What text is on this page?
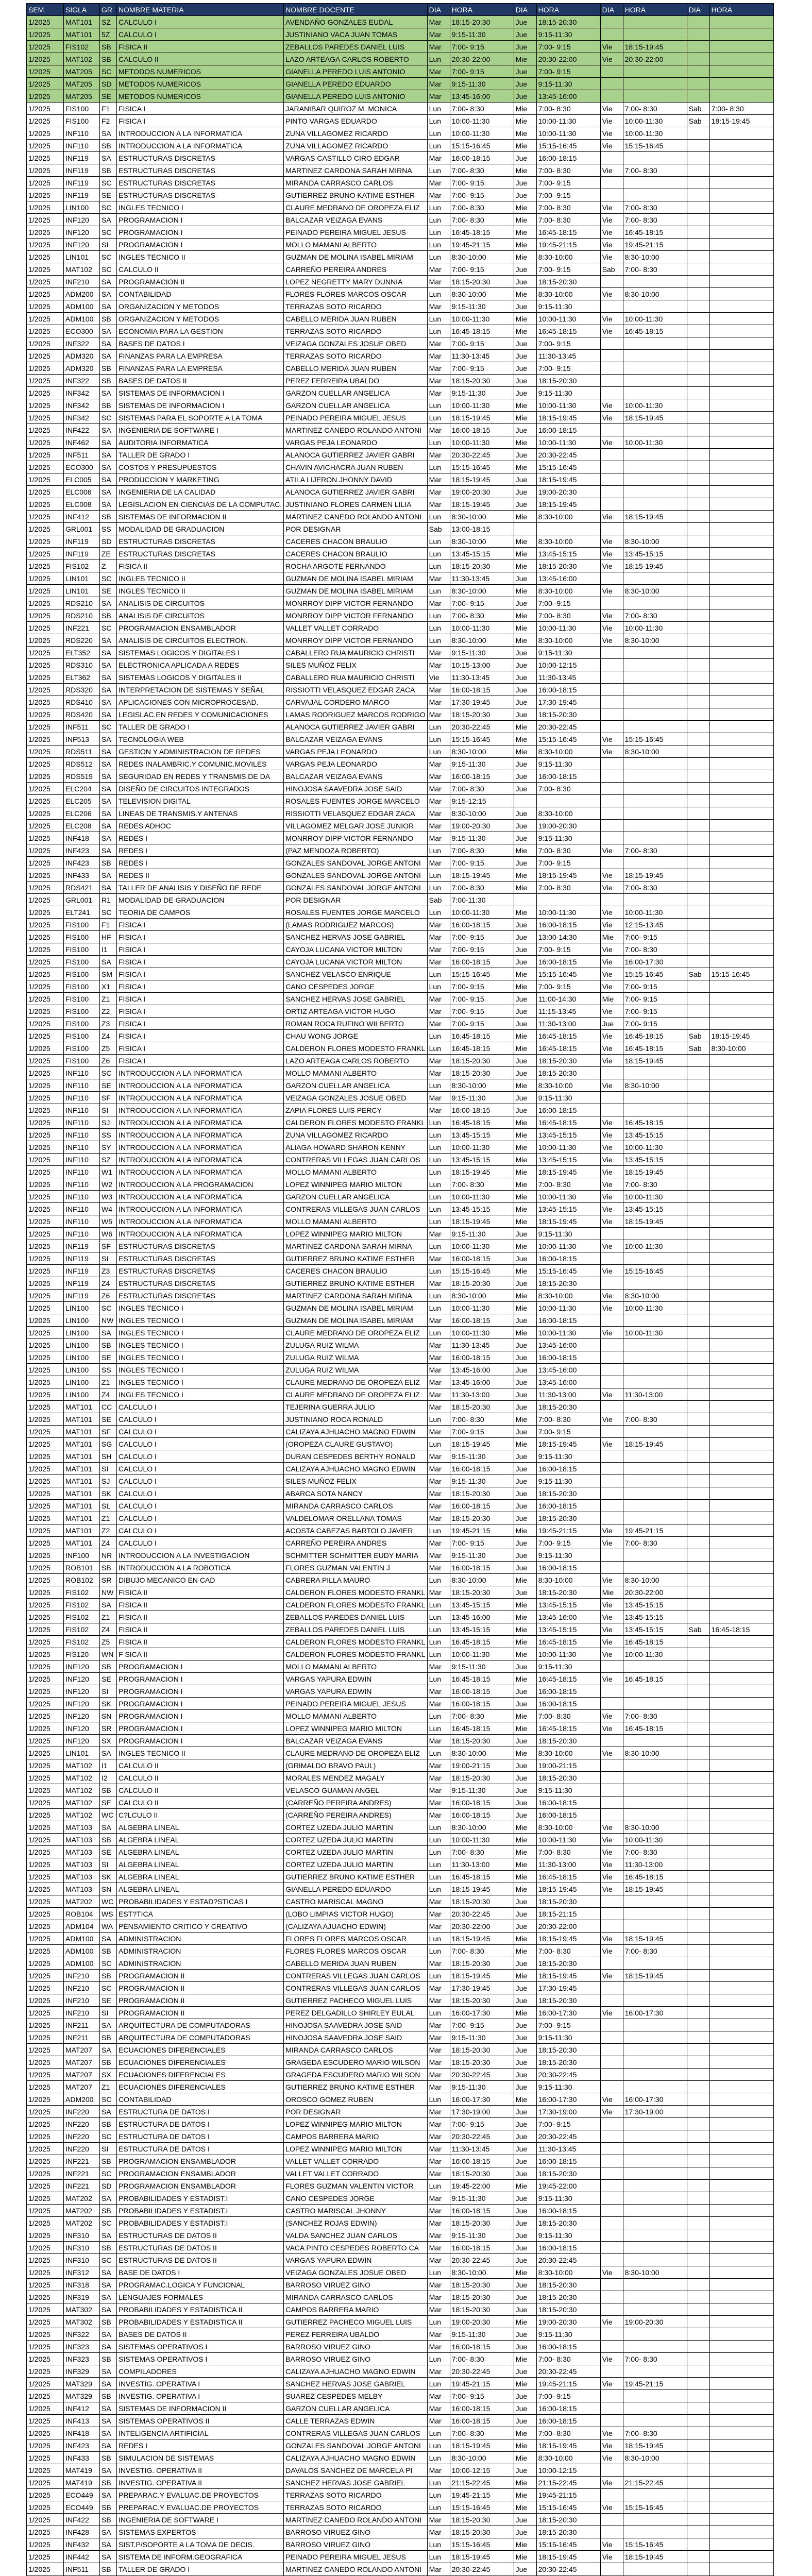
SEM.	SIGLA	GR	NOMBRE MATERIA	NOMBRE DOCENTE	DIA	HORA	DIA	HORA	DIA	HORA	DIA	HORA
1/2025	MAT101	SZ	CALCULO I	AVENDAÑO GONZALES EUDAL	Mar	18:15-20:30	Jue	18:15-20:30				
1/2025	MAT101	5Z	CALCULO I	JUSTINIANO VACA JUAN TOMAS	Mar	9:15-11:30	Jue	9:15-11:30				
1/2025	FIS102	SB	FISICA II	ZEBALLOS PAREDES DANIEL LUIS	Mar	7:00- 9:15	Jue	7:00- 9:15	Vie	18:15-19:45		
1/2025	MAT102	SB	CALCULO II	LAZO ARTEAGA CARLOS ROBERTO	Lun	20:30-22:00	Mie	20:30-22:00	Vie	20:30-22:00		
1/2025	MAT205	SC	METODOS NUMERICOS	GIANELLA PEREDO LUIS ANTONIO	Mar	7:00- 9:15	Jue	7:00- 9:15				
1/2025	MAT205	SD	METODOS NUMERICOS	GIANELLA PEREDO EDUARDO	Mar	9:15-11:30	Jue	9:15-11:30				
1/2025	MAT205	SE	METODOS NUMERICOS	GIANELLA PEREDO LUIS ANTONIO	Mar	13:45-16:00	Jue	13:45-16:00				
1/2025	FIS100	F1	FISICA I	JARANIBAR QUIROZ M. MONICA	Lun	7:00- 8:30	Mie	7:00- 8:30	Vie	7:00- 8:30	Sab	7:00- 8:30
1/2025	FIS100	F2	FISICA I	PINTO VARGAS EDUARDO	Lun	10:00-11:30	Mie	10:00-11:30	Vie	10:00-11:30	Sab	18:15-19:45
1/2025	INF110	SA	INTRODUCCION A LA INFORMATICA	ZUNA VILLAGOMEZ RICARDO	Lun	10:00-11:30	Mie	10:00-11:30	Vie	10:00-11:30		
1/2025	INF110	SB	INTRODUCCION A LA INFORMATICA	ZUNA VILLAGOMEZ RICARDO	Lun	15:15-16:45	Mie	15:15-16:45	Vie	15:15-16:45		
1/2025	INF119	SA	ESTRUCTURAS DISCRETAS	VARGAS CASTILLO CIRO EDGAR	Mar	16:00-18:15	Jue	16:00-18:15				
1/2025	INF119	SB	ESTRUCTURAS DISCRETAS	MARTINEZ CARDONA SARAH MIRNA	Lun	7:00- 8:30	Mie	7:00- 8:30	Vie	7:00- 8:30		
1/2025	INF119	SC	ESTRUCTURAS DISCRETAS	MIRANDA CARRASCO CARLOS	Mar	7:00- 9:15	Jue	7:00- 9:15				
1/2025	INF119	SE	ESTRUCTURAS DISCRETAS	GUTIERREZ BRUNO KATIME ESTHER	Mar	7:00- 9:15	Jue	7:00- 9:15				
1/2025	LIN100	SC	INGLES TECNICO I	CLAURE MEDRANO DE OROPEZA ELIZ	Lun	7:00- 8:30	Mie	7:00- 8:30	Vie	7:00- 8:30		
1/2025	INF120	SA	PROGRAMACION I	BALCAZAR VEIZAGA EVANS	Lun	7:00- 8:30	Mie	7:00- 8:30	Vie	7:00- 8:30		
1/2025	INF120	SC	PROGRAMACION I	PEINADO PEREIRA MIGUEL JESUS	Lun	16:45-18:15	Mie	16:45-18:15	Vie	16:45-18:15		
1/2025	INF120	SI	PROGRAMACION I	MOLLO MAMANI ALBERTO	Lun	19:45-21:15	Mie	19:45-21:15	Vie	19:45-21:15		
1/2025	LIN101	SC	INGLES TECNICO II	GUZMAN DE MOLINA ISABEL MIRIAM	Lun	8:30-10:00	Mie	8:30-10:00	Vie	8:30-10:00		
1/2025	MAT102	SC	CALCULO II	CARREÑO PEREIRA ANDRES	Mar	7:00- 9:15	Jue	7:00- 9:15	Sab	7:00- 8:30		
1/2025	INF210	SA	PROGRAMACION II	LOPEZ NEGRETTY MARY DUNNIA	Mar	18:15-20:30	Jue	18:15-20:30				
1/2025	ADM200	SA	CONTABILIDAD	FLORES FLORES MARCOS OSCAR	Lun	8:30-10:00	Mie	8:30-10:00	Vie	8:30-10:00		
1/2025	ADM100	SA	ORGANIZACION Y METODOS	TERRAZAS SOTO RICARDO	Mar	9:15-11:30	Jue	9:15-11:30				
1/2025	ADM100	SB	ORGANIZACION Y METODOS	CABELLO MERIDA JUAN RUBEN	Lun	10:00-11:30	Mie	10:00-11:30	Vie	10:00-11:30		
1/2025	ECO300	SA	ECONOMIA PARA LA GESTION	TERRAZAS SOTO RICARDO	Lun	16:45-18:15	Mie	16:45-18:15	Vie	16:45-18:15		
1/2025	INF322	SA	BASES DE DATOS I	VEIZAGA GONZALES JOSUE OBED	Mar	7:00- 9:15	Jue	7:00- 9:15				
1/2025	ADM320	SA	FINANZAS PARA LA EMPRESA	TERRAZAS SOTO RICARDO	Mar	11:30-13:45	Jue	11:30-13:45				
1/2025	ADM320	SB	FINANZAS PARA LA EMPRESA	CABELLO MERIDA JUAN RUBEN	Mar	7:00- 9:15	Jue	7:00- 9:15				
1/2025	INF322	SB	BASES DE DATOS II	PEREZ FERREIRA UBALDO	Mar	18:15-20:30	Jue	18:15-20:30				
1/2025	INF342	SA	SISTEMAS DE INFORMACION I	GARZON CUELLAR ANGELICA	Mar	9:15-11:30	Jue	9:15-11:30				
1/2025	INF342	SB	SISTEMAS DE INFORMACION I	GARZON CUELLAR ANGELICA	Lun	10:00-11:30	Mie	10:00-11:30	Vie	10:00-11:30		
1/2025	INF342	SC	SISTEMAS PARA EL SOPORTE A LA TOMA	PEINADO PEREIRA MIGUEL JESUS	Lun	18:15-19:45	Mie	18:15-19:45	Vie	18:15-19:45		
1/2025	INF422	SA	INGENIERIA DE SOFTWARE I	MARTINEZ CANEDO ROLANDO ANTONI	Mar	16:00-18:15	Jue	16:00-18:15				
1/2025	INF462	SA	AUDITORIA INFORMATICA	VARGAS PEJA LEONARDO	Lun	10:00-11:30	Mie	10:00-11:30	Vie	10:00-11:30		
1/2025	INF511	SA	TALLER DE GRADO I	ALANOCA GUTIERREZ JAVIER GABRI	Mar	20:30-22:45	Jue	20:30-22:45				
1/2025	ECO300	SA	COSTOS Y PRESUPUESTOS	CHAVIN AVICHACRA JUAN RUBEN	Lun	15:15-16:45	Mie	15:15-16:45				
1/2025	ELC005	SA	PRODUCCION Y MARKETING	ATILA LIJERON JHONNY DAVID	Mar	18:15-19:45	Jue	18:15-19:45				
1/2025	ELC006	SA	INGENIERIA DE LA CALIDAD	ALANOCA GUTIERREZ JAVIER GABRI	Mar	19:00-20:30	Jue	19:00-20:30				
1/2025	ELC008	SA	LEGISLACION EN CIENCIAS DE LA COMPUTAC.	JUSTINIANO FLORES CARMEN LILIA	Mar	18:15-19:45	Jue	18:15-19:45				
1/2025	INF412	SB	SISTEMAS DE INFORMACION II	MARTINEZ CANEDO ROLANDO ANTONI	Lun	8:30-10:00	Mie	8:30-10:00	Vie	18:15-19:45		
1/2025	GRL001	SS	MODALIDAD DE GRADUACION	POR DESIGNAR	Sab	13:00-18:15						
1/2025	INF119	SD	ESTRUCTURAS DISCRETAS	CACERES CHACON BRAULIO	Lun	8:30-10:00	Mie	8:30-10:00	Vie	8:30-10:00		
1/2025	INF119	ZE	ESTRUCTURAS DISCRETAS	CACERES CHACON BRAULIO	Lun	13:45-15:15	Mie	13:45-15:15	Vie	13:45-15:15		
1/2025	FIS102	Z	FISICA II	ROCHA ARGOTE FERNANDO	Lun	18:15-20:30	Mie	18:15-20:30	Vie	18:15-19:45		
1/2025	LIN101	SC	INGLES TECNICO II	GUZMAN DE MOLINA ISABEL MIRIAM	Mar	11:30-13:45	Jue	13:45-16:00				
1/2025	LIN101	SE	INGLES TECNICO II	GUZMAN DE MOLINA ISABEL MIRIAM	Lun	8:30-10:00	Mie	8:30-10:00	Vie	8:30-10:00		
1/2025	RDS210	SA	ANALISIS DE CIRCUITOS	MONRROY DIPP VICTOR FERNANDO	Mar	7:00- 9:15	Jue	7:00- 9:15				
1/2025	RDS210	SB	ANALISIS DE CIRCUITOS	MONRROY DIPP VICTOR FERNANDO	Lun	7:00- 8:30	Mie	7:00- 8:30	Vie	7:00- 8:30		
1/2025	INF221	SC	PROGRAMACION ENSAMBLADOR	VALLET VALLET CORRADO	Lun	10:00-11:30	Mie	10:00-11:30	Vie	10:00-11:30		
1/2025	RDS220	SA	ANALISIS DE CIRCUITOS ELECTRON.	MONRROY DIPP VICTOR FERNANDO	Lun	8:30-10:00	Mie	8:30-10:00	Vie	8:30-10:00		
1/2025	ELT352	SA	SISTEMAS LOGICOS Y DIGITALES I	CABALLERO RUA MAURICIO CHRISTI	Mar	9:15-11:30	Jue	9:15-11:30				
1/2025	RDS310	SA	ELECTRONICA APLICADA A REDES	SILES MUÑOZ FELIX	Mar	10:15-13:00	Jue	10:00-12:15				
1/2025	ELT362	SA	SISTEMAS LOGICOS Y DIGITALES II	CABALLERO RUA MAURICIO CHRISTI	Vie	11:30-13:45	Jue	11:30-13:45				
1/2025	RDS320	SA	INTERPRETACION DE SISTEMAS Y SEÑAL	RISSIOTTI VELASQUEZ EDGAR ZACA	Mar	16:00-18:15	Jue	16:00-18:15				
1/2025	RDS410	SA	APLICACIONES CON MICROPROCESAD.	CARVAJAL CORDERO MARCO	Mar	17:30-19:45	Jue	17:30-19:45				
1/2025	RDS420	SA	LEGISLAC.EN REDES Y COMUNICACIONES	LAMAS RODRIGUEZ MARCOS RODRIGO	Mar	18:15-20:30	Jue	18:15-20:30				
1/2025	INF511	SC	TALLER DE GRADO I	ALANOCA GUTIERREZ JAVIER GABRI	Lun	20:30-22:45	Mie	20:30-22:45				
1/2025	INF513	SA	TECNOLOGIA WEB	BALCAZAR VEIZAGA EVANS	Lun	15:15-16:45	Mie	15:15-16:45	Vie	15:15-16:45		
1/2025	RDS511	SA	GESTION Y ADMINISTRACION DE REDES	VARGAS PEJA LEONARDO	Lun	8:30-10:00	Mie	8:30-10:00	Vie	8:30-10:00		
1/2025	RDS512	SA	REDES INALAMBRIC.Y COMUNIC.MOVILES	VARGAS PEJA LEONARDO	Mar	9:15-11:30	Jue	9:15-11:30				
1/2025	RDS519	SA	SEGURIDAD EN REDES Y TRANSMIS.DE DA	BALCAZAR VEIZAGA EVANS	Mar	16:00-18:15	Jue	16:00-18:15				
1/2025	ELC204	SA	DISEÑO DE CIRCUITOS INTEGRADOS	HINOJOSA SAAVEDRA JOSE SAID	Mar	7:00- 8:30	Jue	7:00- 8:30				
1/2025	ELC205	SA	TELEVISION DIGITAL	ROSALES FUENTES JORGE MARCELO	Mar	9:15-12:15						
1/2025	ELC206	SA	LINEAS DE TRANSMIS.Y ANTENAS	RISSIOTTI VELASQUEZ EDGAR ZACA	Mar	8:30-10:00	Jue	8:30-10:00				
1/2025	ELC208	SA	REDES ADHOC	VILLAGOMEZ MELGAR JOSE JUNIOR	Mar	19:00-20:30	Jue	19:00-20:30				
1/2025	INF418	SA	REDES I	MONRROY DIPP VICTOR FERNANDO	Mar	9:15-11:30	Jue	9:15-11:30				
1/2025	INF423	SA	REDES I	(PAZ MENDOZA ROBERTO)	Lun	7:00- 8:30	Mie	7:00- 8:30	Vie	7:00- 8:30		
1/2025	INF423	SB	REDES I	GONZALES SANDOVAL JORGE ANTONI	Mar	7:00- 9:15	Jue	7:00- 9:15				
1/2025	INF433	SA	REDES II	GONZALES SANDOVAL JORGE ANTONI	Lun	18:15-19:45	Mie	18:15-19:45	Vie	18:15-19:45		
1/2025	RDS421	SA	TALLER DE ANALISIS Y DISEÑO DE REDE	GONZALES SANDOVAL JORGE ANTONI	Lun	7:00- 8:30	Mie	7:00- 8:30	Vie	7:00- 8:30		
1/2025	GRL001	R1	MODALIDAD DE GRADUACION	POR DESIGNAR	Sab	7:00-11:30						
1/2025	ELT241	SC	TEORIA DE CAMPOS	ROSALES FUENTES JORGE MARCELO	Lun	10:00-11:30	Mie	10:00-11:30	Vie	10:00-11:30		
1/2025	FIS100	F1	FISICA I	(LAMAS RODRIGUEZ MARCOS)	Mar	16:00-18:15	Jue	16:00-18:15	Vie	12:15-13:45		
1/2025	FIS100	HF	FISICA I	SANCHEZ HERVAS JOSE GABRIEL	Mar	7:00- 9:15	Jue	13:00-14:30	Mie	7:00- 9:15		
1/2025	FIS100	I1	FISICA I	CAYOJA LUCANA VICTOR MILTON	Mar	7:00- 9:15	Jue	7:00- 9:15	Vie	7:00- 8:30		
1/2025	FIS100	SA	FISICA I	CAYOJA LUCANA VICTOR MILTON	Mar	16:00-18:15	Jue	16:00-18:15	Vie	16:00-17:30		
1/2025	FIS100	SM	FISICA I	SANCHEZ VELASCO ENRIQUE	Lun	15:15-16:45	Mie	15:15-16:45	Vie	15:15-16:45	Sab	15:15-16:45
1/2025	FIS100	X1	FISICA I	CANO CESPEDES JORGE	Lun	7:00- 9:15	Mie	7:00- 9:15	Vie	7:00- 9:15		
1/2025	FIS100	Z1	FISICA I	SANCHEZ HERVAS JOSE GABRIEL	Mar	7:00- 9:15	Jue	11:00-14:30	Mie	7:00- 9:15		
1/2025	FIS100	Z2	FISICA I	ORTIZ ARTEAGA VICTOR HUGO	Mar	7:00- 9:15	Jue	11:15-13:45	Vie	7:00- 9:15		
1/2025	FIS100	Z3	FISICA I	ROMAN ROCA RUFINO WILBERTO	Mar	7:00- 9:15	Jue	11:30-13:00	Jue	7:00- 9:15		
1/2025	FIS100	Z4	FISICA I	CHAU WONG JORGE	Lun	16:45-18:15	Mie	16:45-18:15	Vie	16:45-18:15	Sab	18:15-19:45
1/2025	FIS100	Z5	FISICA I	CALDERON FLORES MODESTO FRANKL	Lun	16:45-18:15	Mie	16:45-18:15	Vie	16:45-18:15	Sab	8:30-10:00
1/2025	FIS100	Z6	FISICA I	LAZO ARTEAGA CARLOS ROBERTO	Mar	18:15-20:30	Jue	18:15-20:30	Vie	18:15-19:45		
1/2025	INF110	SC	INTRODUCCION A LA INFORMATICA	MOLLO MAMANI ALBERTO	Mar	18:15-20:30	Jue	18:15-20:30				
1/2025	INF110	SE	INTRODUCCION A LA INFORMATICA	GARZON CUELLAR ANGELICA	Lun	8:30-10:00	Mie	8:30-10:00	Vie	8:30-10:00		
1/2025	INF110	SF	INTRODUCCION A LA INFORMATICA	VEIZAGA GONZALES JOSUE OBED	Mar	9:15-11:30	Jue	9:15-11:30				
1/2025	INF110	SI	INTRODUCCION A LA INFORMATICA	ZAPIA FLORES LUIS PERCY	Mar	16:00-18:15	Jue	16:00-18:15				
1/2025	INF110	SJ	INTRODUCCION A LA INFORMATICA	CALDERON FLORES MODESTO FRANKL	Lun	16:45-18:15	Mie	16:45-18:15	Vie	16:45-18:15		
1/2025	INF110	SS	INTRODUCCION A LA INFORMATICA	ZUNA VILLAGOMEZ RICARDO	Lun	13:45-15:15	Mie	13:45-15:15	Vie	13:45-15:15		
1/2025	INF110	SY	INTRODUCCION A LA INFORMATICA	ALIAGA HOWARD SHARON KENNY	Lun	10:00-11:30	Mie	10:00-11:30	Vie	10:00-11:30		
1/2025	INF110	SZ	INTRODUCCION A LA INFORMATICA	CONTRERAS VILLEGAS JUAN CARLOS	Lun	13:45-15:15	Mie	13:45-15:15	Vie	13:45-15:15		
1/2025	INF110	W1	INTRODUCCION A LA INFORMATICA	MOLLO MAMANI ALBERTO	Lun	18:15-19:45	Mie	18:15-19:45	Vie	18:15-19:45		
1/2025	INF110	W2	INTRODUCCION A LA PROGRAMACION	LOPEZ WINNIPEG MARIO MILTON	Lun	7:00- 8:30	Mie	7:00- 8:30	Vie	7:00- 8:30		
1/2025	INF110	W3	INTRODUCCION A LA INFORMATICA	GARZON CUELLAR ANGELICA	Lun	10:00-11:30	Mie	10:00-11:30	Vie	10:00-11:30		
1/2025	INF110	W4	INTRODUCCION A LA INFORMATICA	CONTRERAS VILLEGAS JUAN CARLOS	Lun	13:45-15:15	Mie	13:45-15:15	Vie	13:45-15:15		
1/2025	INF110	W5	INTRODUCCION A LA INFORMATICA	MOLLO MAMANI ALBERTO	Lun	18:15-19:45	Mie	18:15-19:45	Vie	18:15-19:45		
1/2025	INF110	W6	INTRODUCCION A LA INFORMATICA	LOPEZ WINNIPEG MARIO MILTON	Mar	9:15-11:30	Jue	9:15-11:30				
1/2025	INF119	SF	ESTRUCTURAS DISCRETAS	MARTINEZ CARDONA SARAH MIRNA	Lun	10:00-11:30	Mie	10:00-11:30	Vie	10:00-11:30		
1/2025	INF119	SI	ESTRUCTURAS DISCRETAS	GUTIERREZ BRUNO KATIME ESTHER	Mar	16:00-18:15	Jue	16:00-18:15				
1/2025	INF119	Z3	ESTRUCTURAS DISCRETAS	CACERES CHACON BRAULIO	Lun	15:15-16:45	Mie	15:15-16:45	Vie	15:15-16:45		
1/2025	INF119	Z4	ESTRUCTURAS DISCRETAS	GUTIERREZ BRUNO KATIME ESTHER	Mar	18:15-20:30	Jue	18:15-20:30				
1/2025	INF119	Z6	ESTRUCTURAS DISCRETAS	MARTINEZ CARDONA SARAH MIRNA	Lun	8:30-10:00	Mie	8:30-10:00	Vie	8:30-10:00		
1/2025	LIN100	SC	INGLES TECNICO I	GUZMAN DE MOLINA ISABEL MIRIAM	Lun	10:00-11:30	Mie	10:00-11:30	Vie	10:00-11:30		
1/2025	LIN100	NW	INGLES TECNICO I	GUZMAN DE MOLINA ISABEL MIRIAM	Mar	16:00-18:15	Jue	16:00-18:15				
1/2025	LIN100	SA	INGLES TECNICO I	CLAURE MEDRANO DE OROPEZA ELIZ	Lun	10:00-11:30	Mie	10:00-11:30	Vie	10:00-11:30		
1/2025	LIN100	SB	INGLES TECNICO I	ZULUGA RUIZ WILMA	Mar	11:30-13:45	Jue	13:45-16:00				
1/2025	LIN100	SE	INGLES TECNICO I	ZULUGA RUIZ WILMA	Mar	16:00-18:15	Jue	16:00-18:15				
1/2025	LIN100	SS	INGLES TECNICO I	ZULUGA RUIZ WILMA	Mar	13:45-16:00	Jue	13:45-16:00				
1/2025	LIN100	Z1	INGLES TECNICO I	CLAURE MEDRANO DE OROPEZA ELIZ	Mar	13:45-16:00	Jue	13:45-16:00				
1/2025	LIN100	Z4	INGLES TECNICO I	CLAURE MEDRANO DE OROPEZA ELIZ	Mar	11:30-13:00	Jue	11:30-13:00	Vie	11:30-13:00		
1/2025	MAT101	CC	CALCULO I	TEJERINA GUERRA JULIO	Mar	18:15-20:30	Jue	18:15-20:30				
1/2025	MAT101	SE	CALCULO I	JUSTINIANO ROCA RONALD	Lun	7:00- 8:30	Mie	7:00- 8:30	Vie	7:00- 8:30		
1/2025	MAT101	SF	CALCULO I	CALIZAYA AJHUACHO MAGNO EDWIN	Mar	7:00- 9:15	Jue	7:00- 9:15				
1/2025	MAT101	SG	CALCULO I	(OROPEZA CLAURE GUSTAVO)	Lun	18:15-19:45	Mie	18:15-19:45	Vie	18:15-19:45		
1/2025	MAT101	SH	CALCULO I	DURAN CESPEDES BERTHY RONALD	Mar	9:15-11:30	Jue	9:15-11:30				
1/2025	MAT101	SI	CALCULO I	CALIZAYA AJHUACHO MAGNO EDWIN	Mar	16:00-18:15	Jue	16:00-18:15				
1/2025	MAT101	SJ	CALCULO I	SILES MUÑOZ FELIX	Mar	9:15-11:30	Jue	9:15-11:30				
1/2025	MAT101	SK	CALCULO I	ABARCA SOTA NANCY	Mar	18:15-20:30	Jue	18:15-20:30				
1/2025	MAT101	SL	CALCULO I	MIRANDA CARRASCO CARLOS	Mar	16:00-18:15	Jue	16:00-18:15				
1/2025	MAT101	Z1	CALCULO I	VALDELOMAR ORELLANA TOMAS	Mar	18:15-20:30	Jue	18:15-20:30				
1/2025	MAT101	Z2	CALCULO I	ACOSTA CABEZAS BARTOLO JAVIER	Lun	19:45-21:15	Mie	19:45-21:15	Vie	19:45-21:15		
1/2025	MAT101	Z4	CALCULO I	CARREÑO PEREIRA ANDRES	Mar	7:00- 9:15	Jue	7:00- 9:15	Vie	7:00- 8:30		
1/2025	INF100	NR	INTRODUCCION A LA INVESTIGACION	SCHMITTER SCHMITTER EUDY MARIA	Mar	9:15-11:30	Jue	9:15-11:30				
1/2025	ROB101	SB	INTRODUCCION A LA ROBOTICA	FLORES GUZMAN VALENTIN J	Mar	16:00-18:15	Jue	16:00-18:15				
1/2025	ROB102	SR	DIBUJO MECANICO EN CAD	CABRERA PILLA MAURO	Lun	8:30-10:00	Mie	8:30-10:00	Vie	8:30-10:00		
1/2025	FIS102	NW	FISICA II	CALDERON FLORES MODESTO FRANKL	Mar	18:15-20:30	Jue	18:15-20:30	Mie	20:30-22:00		
1/2025	FIS102	SA	FISICA II	CALDERON FLORES MODESTO FRANKL	Lun	13:45-15:15	Mie	13:45-15:15	Vie	13:45-15:15		
1/2025	FIS102	Z1	FISICA II	ZEBALLOS PAREDES DANIEL LUIS	Lun	13:45-16:00	Mie	13:45-16:00	Vie	13:45-15:15		
1/2025	FIS102	Z4	FISICA II	ZEBALLOS PAREDES DANIEL LUIS	Lun	13:45-15:15	Mie	13:45-15:15	Vie	13:45-15:15	Sab	16:45-18:15
1/2025	FIS102	Z5	FISICA II	CALDERON FLORES MODESTO FRANKL	Lun	16:45-18:15	Mie	16:45-18:15	Vie	16:45-18:15		
1/2025	FIS120	WN	F SICA II	CALDERON FLORES MODESTO FRANKL	Lun	10:00-11:30	Mie	10:00-11:30	Vie	10:00-11:30		
1/2025	INF120	SB	PROGRAMACION I	MOLLO MAMANI ALBERTO	Mar	9:15-11:30	Jue	9:15-11:30				
1/2025	INF120	SE	PROGRAMACION I	VARGAS YAPURA EDWIN	Lun	16:45-18:15	Mie	16:45-18:15	Vie	16:45-18:15		
1/2025	INF120	SI	PROGRAMACION I	VARGAS YAPURA EDWIN	Mar	16:00-18:15	Jue	16:00-18:15				
1/2025	INF120	SK	PROGRAMACION I	PEINADO PEREIRA MIGUEL JESUS	Mar	16:00-18:15	Jue	16:00-18:15				
1/2025	INF120	SN	PROGRAMACION I	MOLLO MAMANI ALBERTO	Lun	7:00- 8:30	Mie	7:00- 8:30	Vie	7:00- 8:30		
1/2025	INF120	SR	PROGRAMACION I	LOPEZ WINNIPEG MARIO MILTON	Lun	16:45-18:15	Mie	16:45-18:15	Vie	16:45-18:15		
1/2025	INF120	SX	PROGRAMACION I	BALCAZAR VEIZAGA EVANS	Mar	18:15-20:30	Jue	18:15-20:30				
1/2025	LIN101	SA	INGLES TECNICO II	CLAURE MEDRANO DE OROPEZA ELIZ	Lun	8:30-10:00	Mie	8:30-10:00	Vie	8:30-10:00		
1/2025	MAT102	I1	CALCULO II	(GRIMALDO BRAVO PAUL)	Mar	19:00-21:15	Jue	19:00-21:15				
1/2025	MAT102	I2	CALCULO II	MORALES MENDEZ MAGALY	Mar	18:15-20:30	Jue	18:15-20:30				
1/2025	MAT102	SB	CALCULO II	VELASCO GUAMAN ANGEL	Mar	9:15-11:30	Jue	9:15-11:30				
1/2025	MAT102	SE	CALCULO II	(CARREÑO PEREIRA ANDRES)	Mar	16:00-18:15	Jue	16:00-18:15				
1/2025	MAT102	WC	C?LCULO II	(CARREÑO PEREIRA ANDRES)	Mar	16:00-18:15	Jue	16:00-18:15				
1/2025	MAT103	SA	ALGEBRA LINEAL	CORTEZ UZEDA JULIO MARTIN	Lun	8:30-10:00	Mie	8:30-10:00	Vie	8:30-10:00		
1/2025	MAT103	SB	ALGEBRA LINEAL	CORTEZ UZEDA JULIO MARTIN	Lun	10:00-11:30	Mie	10:00-11:30	Vie	10:00-11:30		
1/2025	MAT103	SE	ALGEBRA LINEAL	CORTEZ UZEDA JULIO MARTIN	Lun	7:00- 8:30	Mie	7:00- 8:30	Vie	7:00- 8:30		
1/2025	MAT103	SI	ALGEBRA LINEAL	CORTEZ UZEDA JULIO MARTIN	Lun	11:30-13:00	Mie	11:30-13:00	Vie	11:30-13:00		
1/2025	MAT103	SK	ALGEBRA LINEAL	GUTIERREZ BRUNO KATIME ESTHER	Lun	16:45-18:15	Mie	16:45-18:15	Vie	16:45-18:15		
1/2025	MAT103	SN	ALGEBRA LINEAL	GIANELLA PEREDO EDUARDO	Lun	18:15-19:45	Mie	18:15-19:45	Vie	18:15-19:45		
1/2025	MAT202	WC	PROBABILIDADES Y ESTAD?STICAS I	CASTRO MARISCAL MAGNO	Mar	18:15-20:30	Jue	18:15-20:30				
1/2025	ROB104	WS	EST?TICA	(LOBO LIMPIAS VICTOR HUGO)	Mar	20:30-22:45	Jue	18:15-21:15				
1/2025	ADM104	WA	PENSAMIENTO CRITICO Y CREATIVO	(CALIZAYA AJUACHO EDWIN)	Mar	20:30-22:00	Jue	20:30-22:00				
1/2025	ADM100	SA	ADMINISTRACION	FLORES FLORES MARCOS OSCAR	Lun	18:15-19:45	Mie	18:15-19:45	Vie	18:15-19:45		
1/2025	ADM100	SB	ADMINISTRACION	FLORES FLORES MARCOS OSCAR	Lun	7:00- 8:30	Mie	7:00- 8:30	Vie	7:00- 8:30		
1/2025	ADM100	SC	ADMINISTRACION	CABELLO MERIDA JUAN RUBEN	Mar	18:15-20:30	Jue	18:15-20:30				
1/2025	INF210	SB	PROGRAMACION II	CONTRERAS VILLEGAS JUAN CARLOS	Lun	18:15-19:45	Mie	18:15-19:45	Vie	18:15-19:45		
1/2025	INF210	SC	PROGRAMACION II	CONTRERAS VILLEGAS JUAN CARLOS	Mar	17:30-19:45	Jue	17:30-19:45				
1/2025	INF210	SE	PROGRAMACION II	GUTIERREZ PACHECO MIGUEL LUIS	Mar	18:15-20:30	Jue	18:15-20:30				
1/2025	INF210	SI	PROGRAMACION II	PEREZ DELGADILLO SHIRLEY EULAL	Lun	16:00-17:30	Mie	16:00-17:30	Vie	16:00-17:30		
1/2025	INF211	SA	ARQUITECTURA DE COMPUTADORAS	HINOJOSA SAAVEDRA JOSE SAID	Mar	7:00- 9:15	Jue	7:00- 9:15				
1/2025	INF211	SB	ARQUITECTURA DE COMPUTADORAS	HINOJOSA SAAVEDRA JOSE SAID	Mar	9:15-11:30	Jue	9:15-11:30				
1/2025	MAT207	SA	ECUACIONES DIFERENCIALES	MIRANDA CARRASCO CARLOS	Mar	18:15-20:30	Jue	18:15-20:30				
1/2025	MAT207	SB	ECUACIONES DIFERENCIALES	GRAGEDA ESCUDERO MARIO WILSON	Mar	18:15-20:30	Jue	18:15-20:30				
1/2025	MAT207	SX	ECUACIONES DIFERENCIALES	GRAGEDA ESCUDERO MARIO WILSON	Mar	20:30-22:45	Jue	20:30-22:45				
1/2025	MAT207	Z1	ECUACIONES DIFERENCIALES	GUTIERREZ BRUNO KATIME ESTHER	Mar	9:15-11:30	Jue	9:15-11:30				
1/2025	ADM200	SC	CONTABILIDAD	OROSCO GOMEZ RUBEN	Lun	16:00-17:30	Mie	16:00-17:30	Vie	16:00-17:30		
1/2025	INF220	SA	ESTRUCTURA DE DATOS I	POR DESIGNAR	Mar	17:30-19:00	Jue	17:30-19:00	Vie	17:30-19:00		
1/2025	INF220	SB	ESTRUCTURA DE DATOS I	LOPEZ WINNIPEG MARIO MILTON	Mar	7:00- 9:15	Jue	7:00- 9:15				
1/2025	INF220	SC	ESTRUCTURA DE DATOS I	CAMPOS BARRERA MARIO	Mar	20:30-22:45	Jue	20:30-22:45				
1/2025	INF220	SI	ESTRUCTURA DE DATOS I	LOPEZ WINNIPEG MARIO MILTON	Mar	11:30-13:45	Jue	11:30-13:45				
1/2025	INF221	SB	PROGRAMACION ENSAMBLADOR	VALLET VALLET CORRADO	Mar	16:00-18:15	Jue	16:00-18:15				
1/2025	INF221	SC	PROGRAMACION ENSAMBLADOR	VALLET VALLET CORRADO	Mar	18:15-20:30	Jue	18:15-20:30				
1/2025	INF221	SD	PROGRAMACION ENSAMBLADOR	FLORES GUZMAN VALENTIN VICTOR	Lun	19:45-22:00	Mie	19:45-22:00				
1/2025	MAT202	SA	PROBABILIDADES Y ESTADIST.I	CANO CESPEDES JORGE	Mar	9:15-11:30	Jue	9:15-11:30				
1/2025	MAT202	SB	PROBABILIDADES Y ESTADIST.I	CASTRO MARISCAL JHONNY	Mar	16:00-18:15	Jue	16:00-18:15				
1/2025	MAT202	SC	PROBABILIDADES Y ESTADIST.I	(SANCHEZ ROJAS EDWIN)	Mar	18:15-20:30	Jue	18:15-20:30				
1/2025	INF310	SA	ESTRUCTURAS DE DATOS II	VALDA SANCHEZ JUAN CARLOS	Mar	9:15-11:30	Jue	9:15-11:30				
1/2025	INF310	SB	ESTRUCTURAS DE DATOS II	VACA PINTO CESPEDES ROBERTO CA	Mar	16:00-18:15	Jue	16:00-18:15				
1/2025	INF310	SC	ESTRUCTURAS DE DATOS II	VARGAS YAPURA EDWIN	Mar	20:30-22:45	Jue	20:30-22:45				
1/2025	INF312	SA	BASE DE DATOS I	VEIZAGA GONZALES JOSUE OBED	Lun	8:30-10:00	Mie	8:30-10:00	Vie	8:30-10:00		
1/2025	INF318	SA	PROGRAMAC.LOGICA Y FUNCIONAL	BARROSO VIRUEZ GINO	Mar	18:15-20:30	Jue	18:15-20:30				
1/2025	INF319	SA	LENGUAJES FORMALES	MIRANDA CARRASCO CARLOS	Mar	18:15-20:30	Jue	18:15-20:30				
1/2025	MAT302	SA	PROBABILIDADES Y ESTADISTICA II	CAMPOS BARRERA MARIO	Mar	18:15-20:30	Jue	18:15-20:30				
1/2025	MAT302	SB	PROBABILIDADES Y ESTADISTICA II	GUTIERREZ PACHECO MIGUEL LUIS	Lun	19:00-20:30	Mie	19:00-20:30	Vie	19:00-20:30		
1/2025	INF322	SA	BASES DE DATOS II	PEREZ FERREIRA UBALDO	Mar	9:15-11:30	Jue	9:15-11:30				
1/2025	INF323	SA	SISTEMAS OPERATIVOS I	BARROSO VIRUEZ GINO	Mar	16:00-18:15	Jue	16:00-18:15				
1/2025	INF323	SB	SISTEMAS OPERATIVOS I	BARROSO VIRUEZ GINO	Lun	7:00- 8:30	Mie	7:00- 8:30	Vie	7:00- 8:30		
1/2025	INF329	SA	COMPILADORES	CALIZAYA AJHUACHO MAGNO EDWIN	Mar	20:30-22:45	Jue	20:30-22:45				
1/2025	MAT329	SA	INVESTIG. OPERATIVA I	SANCHEZ HERVAS JOSE GABRIEL	Lun	19:45-21:15	Mie	19:45-21:15	Vie	19:45-21:15		
1/2025	MAT329	SB	INVESTIG. OPERATIVA I	SUAREZ CESPEDES MELBY	Mar	7:00- 9:15	Jue	7:00- 9:15				
1/2025	INF412	SA	SISTEMAS DE INFORMACION II	GARZON CUELLAR ANGELICA	Mar	16:00-18:15	Jue	16:00-18:15				
1/2025	INF413	SA	SISTEMAS OPERATIVOS II	CALLE TERRAZAS EDWIN	Mar	16:00-18:15	Jue	16:00-18:15				
1/2025	INF418	SA	INTELIGENCIA ARTIFICIAL	CONTRERAS VILLEGAS JUAN CARLOS	Lun	7:00- 8:30	Mie	7:00- 8:30	Vie	7:00- 8:30		
1/2025	INF423	SA	REDES I	GONZALES SANDOVAL JORGE ANTONI	Lun	18:15-19:45	Mie	18:15-19:45	Vie	18:15-19:45		
1/2025	INF433	SB	SIMULACION DE SISTEMAS	CALIZAYA AJHUACHO MAGNO EDWIN	Lun	8:30-10:00	Mie	8:30-10:00	Vie	8:30-10:00		
1/2025	MAT419	SA	INVESTIG. OPERATIVA II	DAVALOS SANCHEZ DE MARCELA PI	Mar	10:00-12:15	Jue	10:00-12:15				
1/2025	MAT419	SB	INVESTIG. OPERATIVA II	SANCHEZ HERVAS JOSE GABRIEL	Lun	21:15-22:45	Mie	21:15-22:45	Vie	21:15-22:45		
1/2025	ECO449	SA	PREPARAC.Y EVALUAC.DE PROYECTOS	TERRAZAS SOTO RICARDO	Lun	19:45-21:15	Mie	19:45-21:15				
1/2025	ECO449	SB	PREPARAC.Y EVALUAC.DE PROYECTOS	TERRAZAS SOTO RICARDO	Lun	15:15-16:45	Mie	15:15-16:45	Vie	15:15-16:45		
1/2025	INF422	SB	INGENIERIA DE SOFTWARE I	MARTINEZ CANEDO ROLANDO ANTONI	Mar	18:15-20:30	Jue	18:15-20:30				
1/2025	INF428	SA	SISTEMAS EXPERTOS	BARROSO VIRUEZ GINO	Mar	18:15-20:30	Jue	18:15-20:30				
1/2025	INF432	SA	SIST.P/SOPORTE A LA TOMA DE DECIS.	BARROSO VIRUEZ GINO	Lun	15:15-16:45	Mie	15:15-16:45	Vie	15:15-16:45		
1/2025	INF442	SA	SISTEMA DE INFORM.GEOGRAFICA	PEINADO PEREIRA MIGUEL JESUS	Lun	18:15-19:45	Mie	18:15-19:45	Vie	18:15-19:45		
1/2025	INF511	SB	TALLER DE GRADO I	MARTINEZ CANEDO ROLANDO ANTONI	Mar	20:30-22:45	Jue	20:30-22:45				
